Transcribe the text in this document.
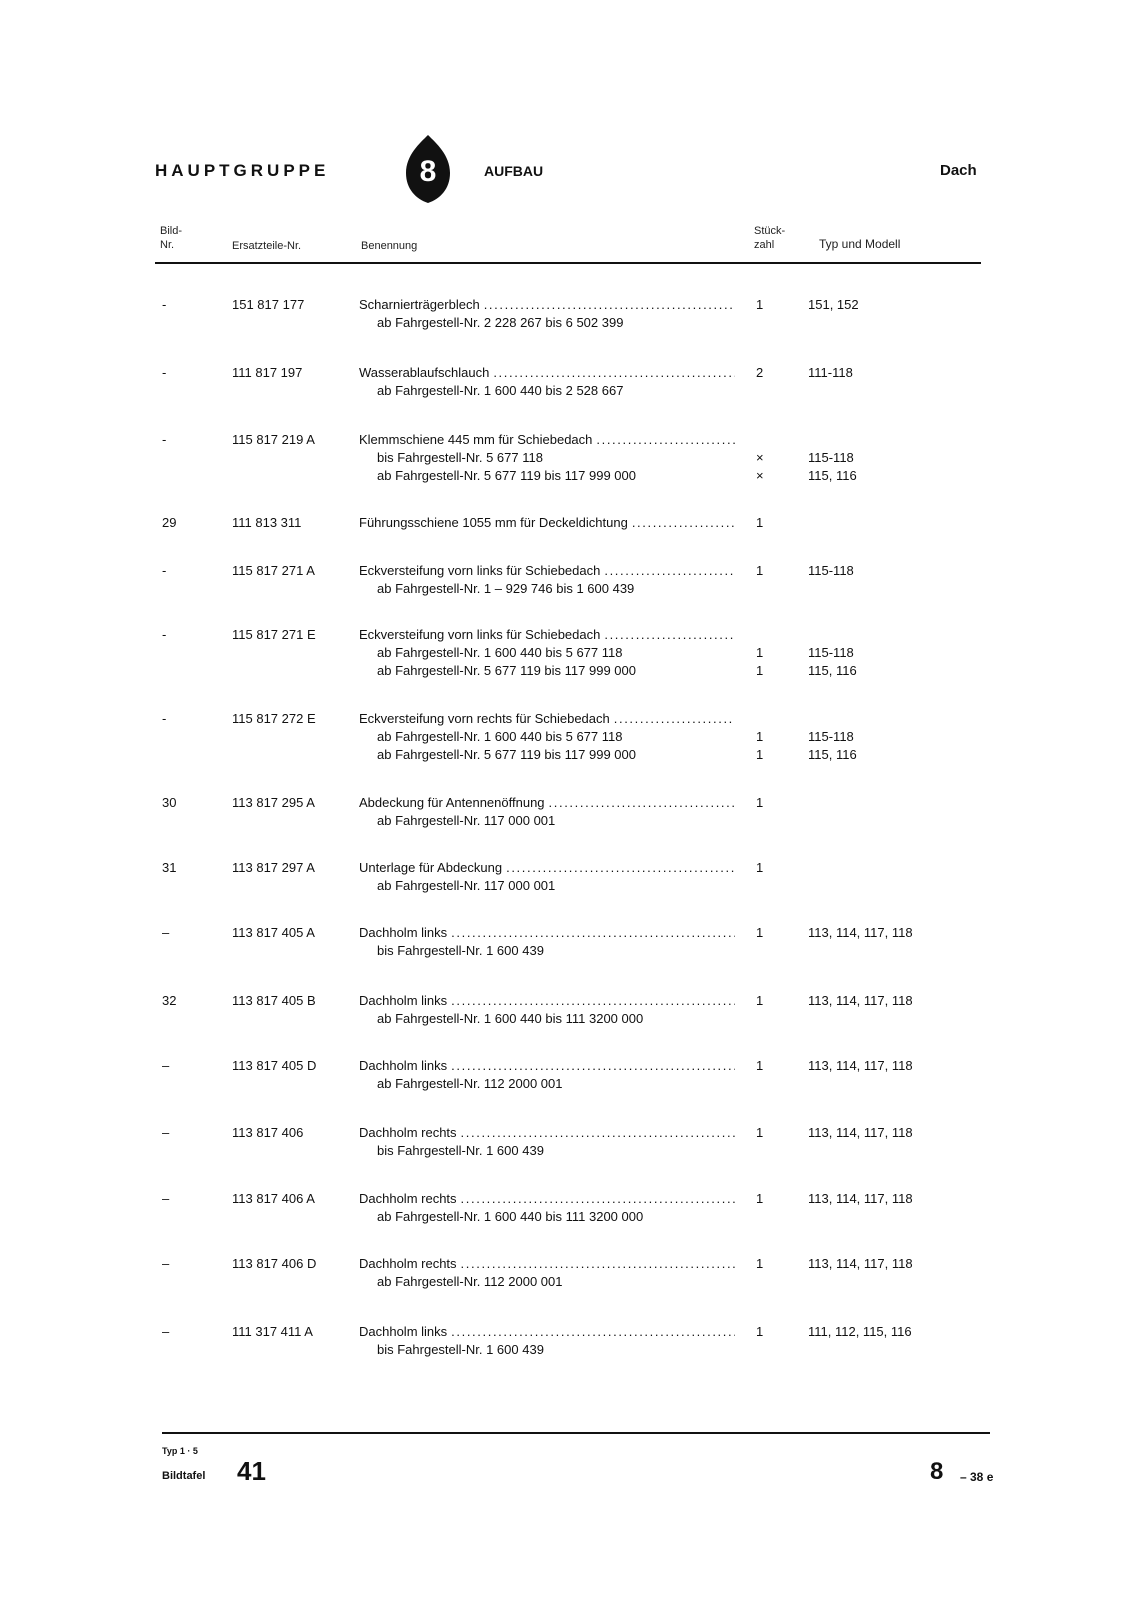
HAUPTGRUPPE	8	AUFBAU	Dach
Bild-
Nr.	Ersatzteile-Nr.	Benennung
Stück-
zahl	Typ und Modell
-	151 817 177	Scharnierträgerblech
. . .
ab Fahrgestell-Nr. 2 228 267 bis 6 502 399
1	151, 152
-	111 817 197	Wasserablaufschlauch
. . .
ab Fahrgestell-Nr. 1 600 440 bis 2 528 667
2	111-118
-	115 817 219 A	Klemmschiene 445 mm für Schiebedach
. . .
bis Fahrgestell-Nr. 5 677 118
ab Fahrgestell-Nr. 5 677 119 bis 117 999 000
×
×
115-118
115, 116
29	111 813 311	Führungsschiene 1055 mm für Deckeldichtung
. . .	1
-	115 817 271 A	Eckversteifung vorn links für Schiebedach
. . .
ab Fahrgestell-Nr. 1 – 929 746 bis 1 600 439
1	115-118
-	115 817 271 E	Eckversteifung vorn links für Schiebedach
. . .
ab Fahrgestell-Nr. 1 600 440 bis 5 677 118
ab Fahrgestell-Nr. 5 677 119 bis 117 999 000
1
1
115-118
115, 116
-	115 817 272 E	Eckversteifung vorn rechts für Schiebedach
. . .
ab Fahrgestell-Nr. 1 600 440 bis 5 677 118
ab Fahrgestell-Nr. 5 677 119 bis 117 999 000
1
1
115-118
115, 116
30	113 817 295 A	Abdeckung für Antennenöffnung
. . .
ab Fahrgestell-Nr. 117 000 001
1
31	113 817 297 A	Unterlage für Abdeckung
. . .
ab Fahrgestell-Nr. 117 000 001
1
–	113 817 405 A	Dachholm links
. . .
bis Fahrgestell-Nr. 1 600 439
1	113, 114, 117, 118
32	113 817 405 B	Dachholm links
. . .
ab Fahrgestell-Nr. 1 600 440 bis 111 3200 000
1	113, 114, 117, 118
–	113 817 405 D	Dachholm links
. . .
ab Fahrgestell-Nr. 112 2000 001
1	113, 114, 117, 118
–	113 817 406	Dachholm rechts
. . .
bis Fahrgestell-Nr. 1 600 439
1	113, 114, 117, 118
–	113 817 406 A	Dachholm rechts
. . .
ab Fahrgestell-Nr. 1 600 440 bis 111 3200 000
1	113, 114, 117, 118
–	113 817 406 D	Dachholm rechts
. . .
ab Fahrgestell-Nr. 112 2000 001
1	113, 114, 117, 118
–	111 317 411 A	Dachholm links
. . .
bis Fahrgestell-Nr. 1 600 439
1	111, 112, 115, 116
Typ 1 · 5
Bildtafel 41	8 – 38 e
